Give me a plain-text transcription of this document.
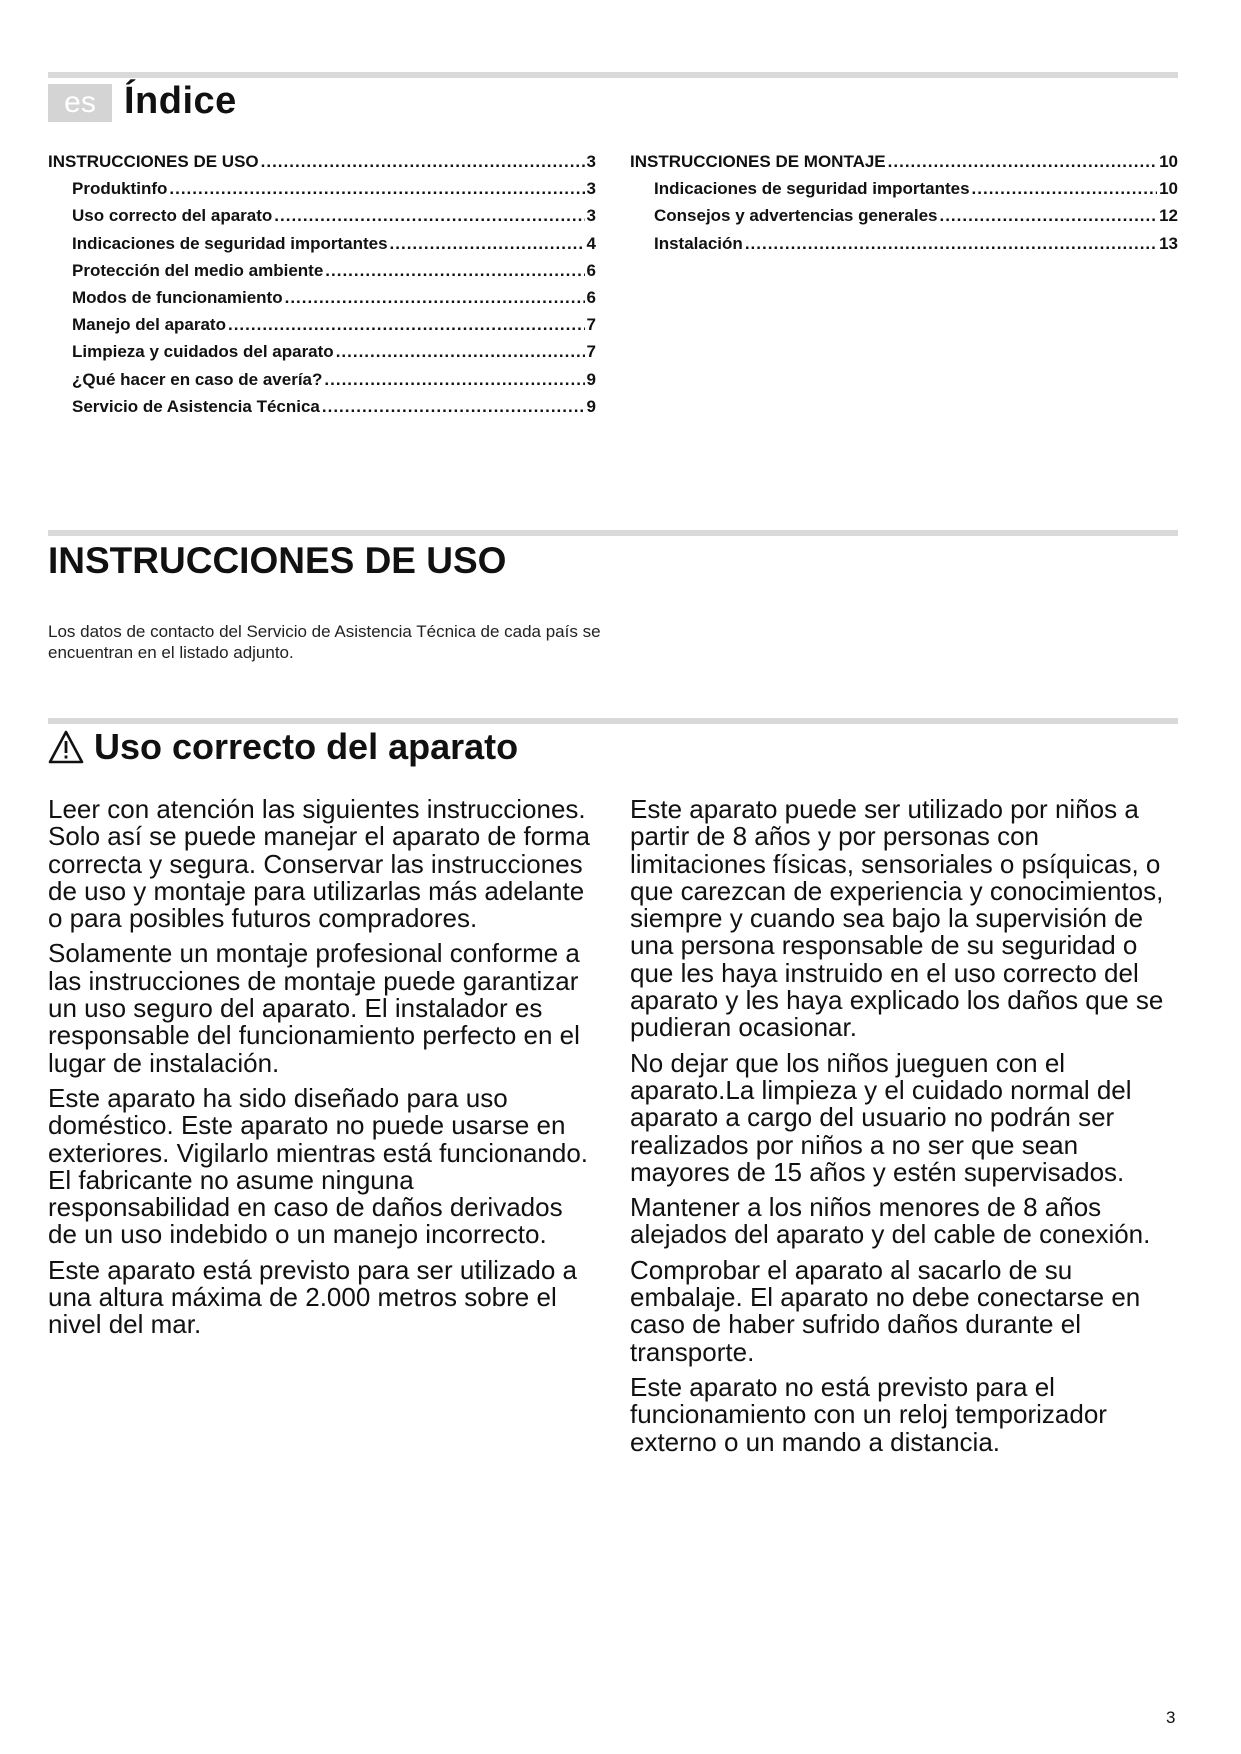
es Índice
INSTRUCCIONES DE USO .....	3
Produktinfo .....	3
Uso correcto del aparato .....	3
Indicaciones de seguridad importantes .....	4
Protección del medio ambiente .....	6
Modos de funcionamiento .....	6
Manejo del aparato .....	7
Limpieza y cuidados del aparato .....	7
¿Qué hacer en caso de avería? .....	9
Servicio de Asistencia Técnica .....	9
INSTRUCCIONES DE MONTAJE .....	10
Indicaciones de seguridad importantes .....	10
Consejos y advertencias generales .....	12
Instalación .....	13
INSTRUCCIONES DE USO

Los datos de contacto del Servicio de Asistencia Técnica de cada país se encuentran en el listado adjunto.

Uso correcto del aparato

Leer con atención las siguientes instrucciones. Solo así se puede manejar el aparato de forma correcta y segura. Conservar las instrucciones de uso y montaje para utilizarlas más adelante o para posibles futuros compradores.

Solamente un montaje profesional conforme a las instrucciones de montaje puede garantizar un uso seguro del aparato. El instalador es responsable del funcionamiento perfecto en el lugar de instalación.

Este aparato ha sido diseñado para uso doméstico. Este aparato no puede usarse en exteriores. Vigilarlo mientras está funcionando. El fabricante no asume ninguna responsabilidad en caso de daños derivados de un uso indebido o un manejo incorrecto.

Este aparato está previsto para ser utilizado a una altura máxima de 2.000 metros sobre el nivel del mar.

Este aparato puede ser utilizado por niños a partir de 8 años y por personas con limitaciones físicas, sensoriales o psíquicas, o que carezcan de experiencia y conocimientos, siempre y cuando sea bajo la supervisión de una persona responsable de su seguridad o que les haya instruido en el uso correcto del aparato y les haya explicado los daños que se pudieran ocasionar.

No dejar que los niños jueguen con el aparato.La limpieza y el cuidado normal del aparato a cargo del usuario no podrán ser realizados por niños a no ser que sean mayores de 15 años y estén supervisados.

Mantener a los niños menores de 8 años alejados del aparato y del cable de conexión.

Comprobar el aparato al sacarlo de su embalaje. El aparato no debe conectarse en caso de haber sufrido daños durante el transporte.

Este aparato no está previsto para el funcionamiento con un reloj temporizador externo o un mando a distancia.

3
